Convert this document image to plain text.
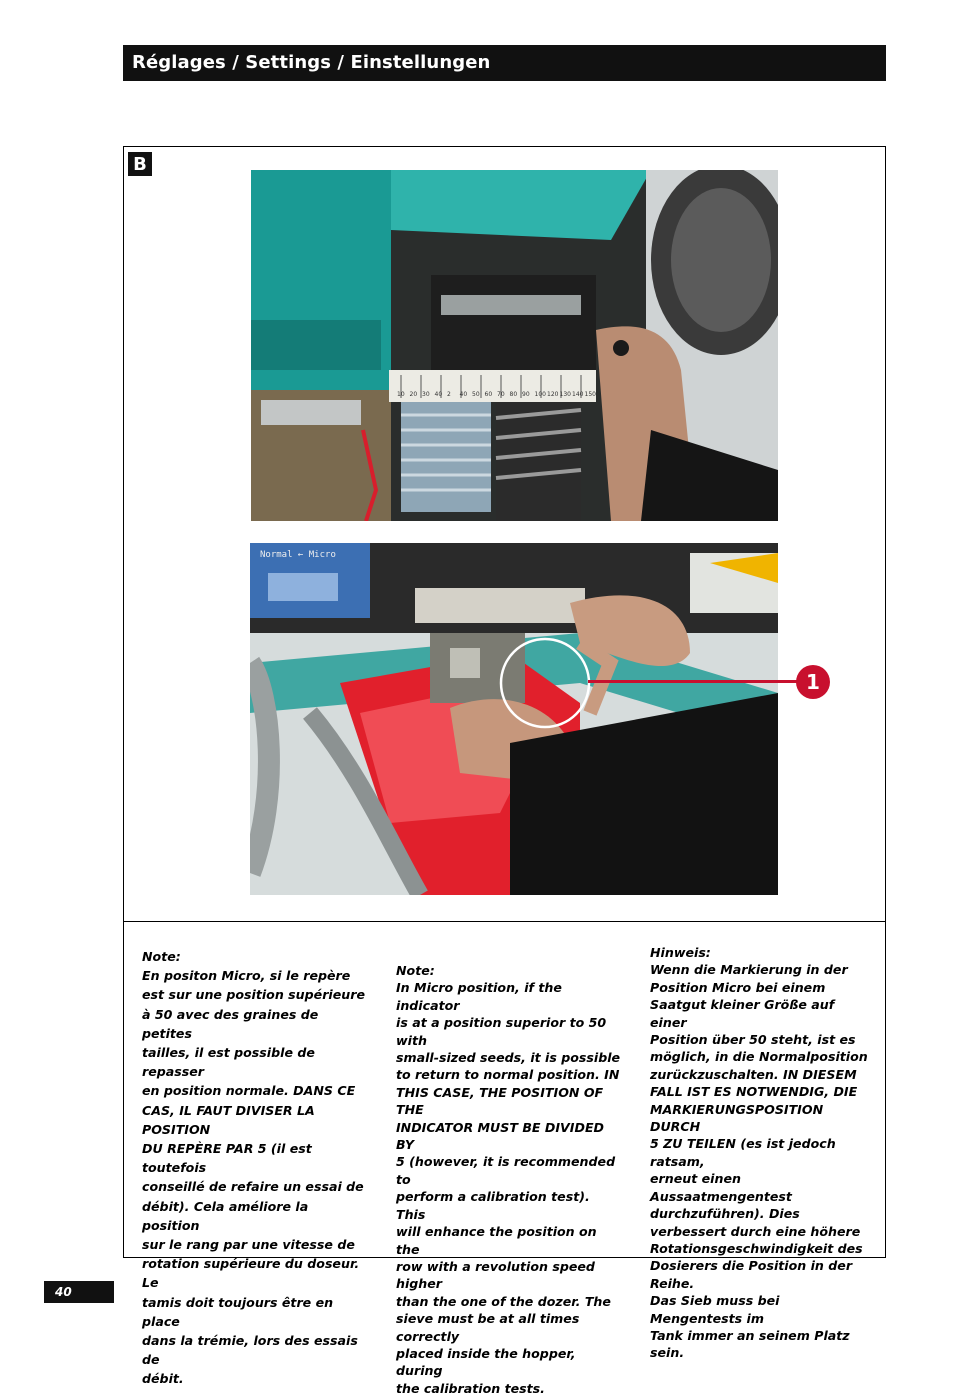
Réglages / Settings / Einstellungen
B
10 20 30 40 2 40 50 60 70 80 90 100 120 130 140 150
Normal ← Micro
1

Note:

En positon Micro, si le repère
est sur une position supérieure
à 50 avec des graines de petites
tailles, il est possible de repasser
en position normale. DANS CE
CAS, IL FAUT DIVISER LA POSITION
DU REPÈRE PAR 5 (il est toutefois
conseillé de refaire un essai de
débit). Cela améliore la position
sur le rang par une vitesse de
rotation supérieure du doseur. Le
tamis doit toujours être en place
dans la trémie, lors des essais de
débit.

Note:

In Micro position, if the indicator
is at a position superior to 50 with
small-sized seeds, it is possible
to return to normal position. IN
THIS CASE, THE POSITION OF THE
INDICATOR MUST BE DIVIDED BY
5 (however, it is recommended to
perform a calibration test). This
will enhance the position on the
row with a revolution speed higher
than the one of the dozer. The
sieve must be at all times correctly
placed inside the hopper, during
the calibration tests.

Hinweis:

Wenn die Markierung in der
Position Micro bei einem
Saatgut kleiner Größe auf einer
Position über 50 steht, ist es
möglich, in die Normalposition
zurückzuschalten. IN DIESEM
FALL IST ES NOTWENDIG, DIE
MARKIERUNGSPOSITION DURCH
5 ZU TEILEN (es ist jedoch ratsam,
erneut einen Aussaatmengentest
durchzuführen). Dies
verbessert durch eine höhere
Rotationsgeschwindigkeit des
Dosierers die Position in der Reihe.
Das Sieb muss bei Mengentests im
Tank immer an seinem Platz sein.

40
